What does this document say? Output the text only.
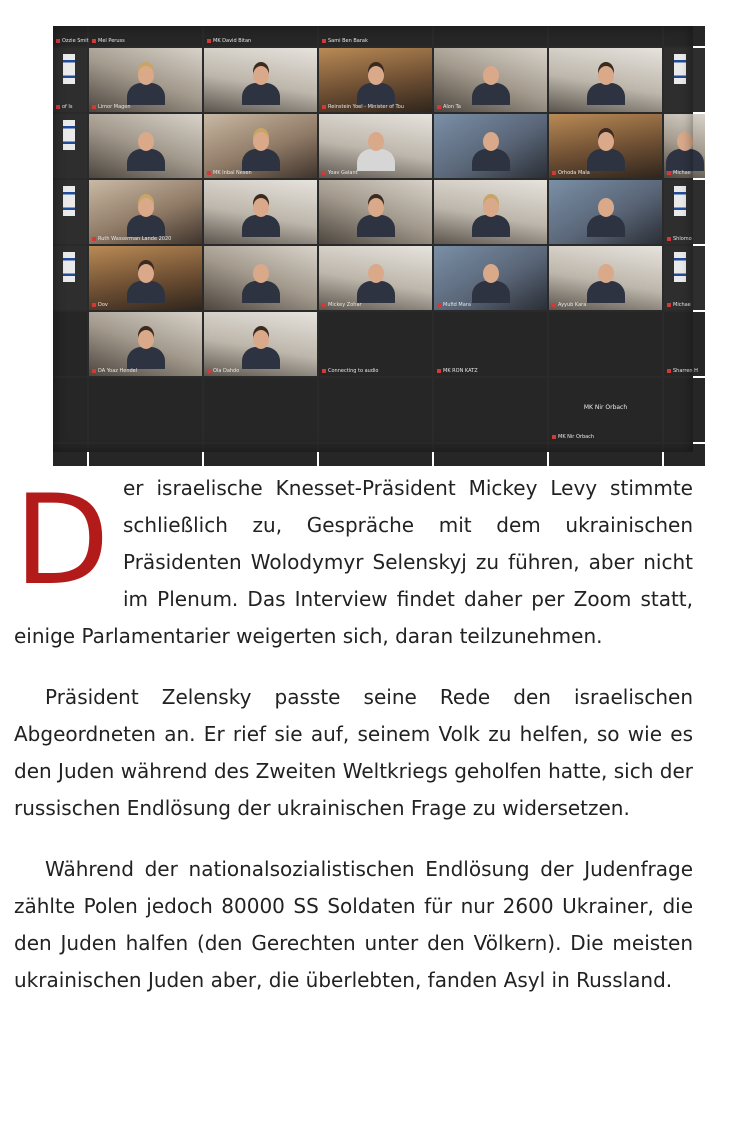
Ozzie Smit	Mel Peruss	MK David Bitan	Sami Ben Barak
of Is	Limor Magen	Reinstein Yoel - Minister of Tou	Alon Ta
MK Inbal Nesen	Yoav Galant	Orhoda Mala	Michae
Ruth Wasserman Lande 2020	Shlomo
Dov	Mickey Zohar	Mufid Mara	Ayyub Kara	Michae
DA Yoaz Hendel	Ola Dahdo	Connecting to audio	MK RON KATZ	Sharren H
MK Nir Orbach
MK Nir Orbach

Der israelische Knesset-Präsident Mickey Levy stimmte schließlich zu, Gespräche mit dem ukrainischen Präsidenten Wolodymyr Selenskyj zu führen, aber nicht im Plenum. Das Interview findet daher per Zoom statt, einige Parlamentarier weigerten sich, daran teilzunehmen.

Präsident Zelensky passte seine Rede den israelischen Abgeordneten an. Er rief sie auf, seinem Volk zu helfen, so wie es den Juden während des Zweiten Weltkriegs geholfen hatte, sich der russischen Endlösung der ukrainischen Frage zu widersetzen.

Während der nationalsozialistischen Endlösung der Judenfrage zählte Polen jedoch 80000 SS Soldaten für nur 2600 Ukrainer, die den Juden halfen (den Gerechten unter den Völkern). Die meisten ukrainischen Juden aber, die überlebten, fanden Asyl in Russland.
